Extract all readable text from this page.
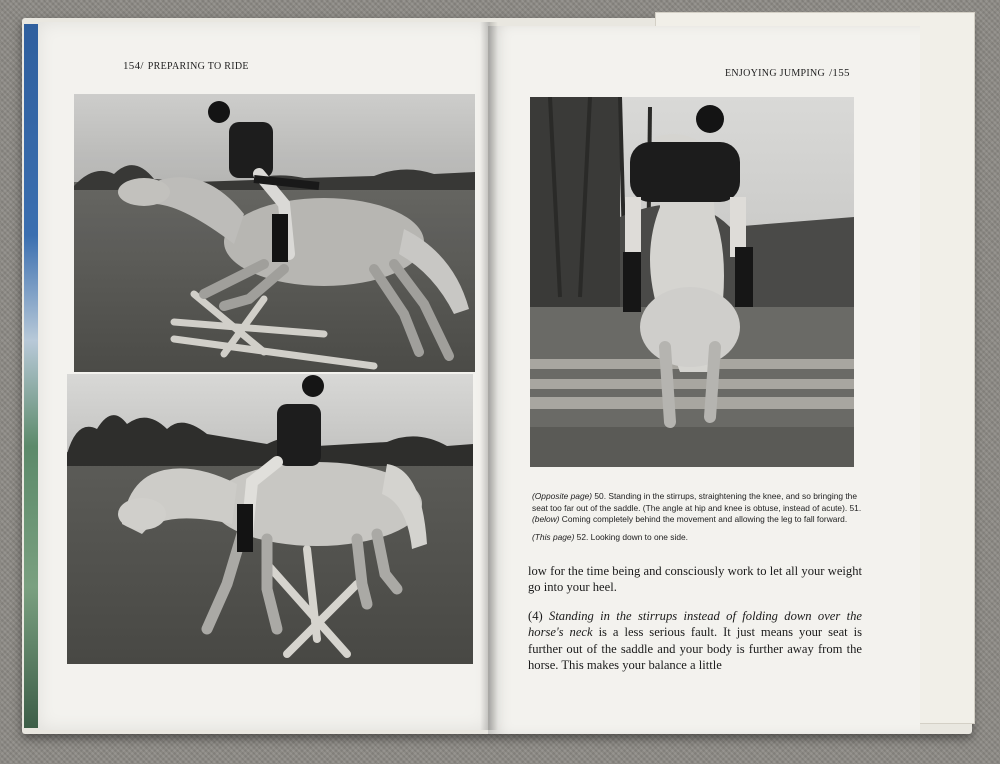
154/ PREPARING TO RIDE
ENJOYING JUMPING /155

(Opposite page) 50. Standing in the stirrups, straightening the knee, and so bringing the seat too far out of the saddle. (The angle at hip and knee is obtuse, instead of acute). 51. (below) Coming completely behind the movement and allowing the leg to fall forward.

(This page) 52. Looking down to one side.

low for the time being and consciously work to let all your weight go into your heel.

(4) Standing in the stirrups instead of folding down over the horse's neck is a less serious fault. It just means your seat is further out of the saddle and your body is further away from the horse. This makes your balance a little
